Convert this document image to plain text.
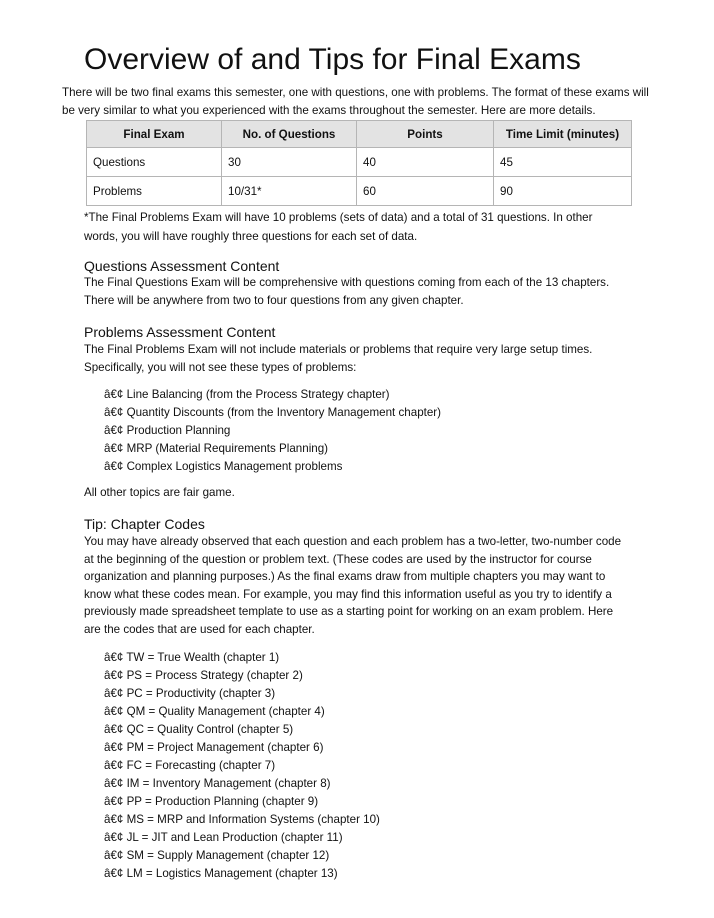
Overview of and Tips for Final Exams

There will be two final exams this semester, one with questions, one with problems. The format of these exams will be very similar to what you experienced with the exams throughout the semester. Here are more details.

Final Exam	No. of Questions	Points	Time Limit (minutes)
Questions	30	40	45
Problems	10/31*	60	90

*The Final Problems Exam will have 10 problems (sets of data) and a total of 31 questions. In other words, you will have roughly three questions for each set of data.

Questions Assessment Content

The Final Questions Exam will be comprehensive with questions coming from each of the 13 chapters. There will be anywhere from two to four questions from any given chapter.

Problems Assessment Content

The Final Problems Exam will not include materials or problems that require very large setup times. Specifically, you will not see these types of problems:

â€¢ Line Balancing (from the Process Strategy chapter)
â€¢ Quantity Discounts (from the Inventory Management chapter)
â€¢ Production Planning
â€¢ MRP (Material Requirements Planning)
â€¢ Complex Logistics Management problems

All other topics are fair game.

Tip: Chapter Codes

You may have already observed that each question and each problem has a two-letter, two-number code at the beginning of the question or problem text. (These codes are used by the instructor for course organization and planning purposes.) As the final exams draw from multiple chapters you may want to know what these codes mean. For example, you may find this information useful as you try to identify a previously made spreadsheet template to use as a starting point for working on an exam problem. Here are the codes that are used for each chapter.

â€¢ TW = True Wealth (chapter 1)
â€¢ PS = Process Strategy (chapter 2)
â€¢ PC = Productivity (chapter 3)
â€¢ QM = Quality Management (chapter 4)
â€¢ QC = Quality Control (chapter 5)
â€¢ PM = Project Management (chapter 6)
â€¢ FC = Forecasting (chapter 7)
â€¢ IM = Inventory Management (chapter 8)
â€¢ PP = Production Planning (chapter 9)
â€¢ MS = MRP and Information Systems (chapter 10)
â€¢ JL = JIT and Lean Production (chapter 11)
â€¢ SM = Supply Management (chapter 12)
â€¢ LM = Logistics Management (chapter 13)
